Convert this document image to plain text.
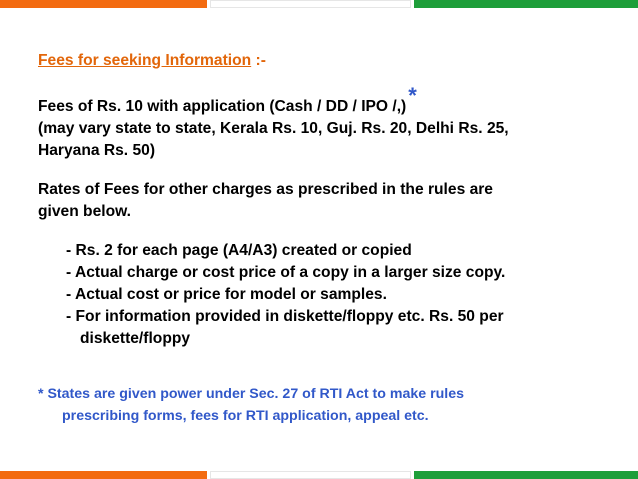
Fees for seeking Information :-
Fees of Rs. 10 with application (Cash / DD / IPO /,)*
(may vary state to state, Kerala Rs. 10, Guj. Rs. 20, Delhi Rs. 25,
Haryana Rs. 50)
Rates of Fees for other charges as prescribed in the rules are
given below.
- Rs. 2 for each page (A4/A3) created or copied
- Actual charge or cost price of a copy in a larger size copy.
- Actual cost or price for model or samples.
- For information provided in diskette/floppy etc. Rs. 50 per
diskette/floppy
* States are given power under Sec. 27 of RTI Act to make rules
prescribing forms, fees for RTI application, appeal etc.
